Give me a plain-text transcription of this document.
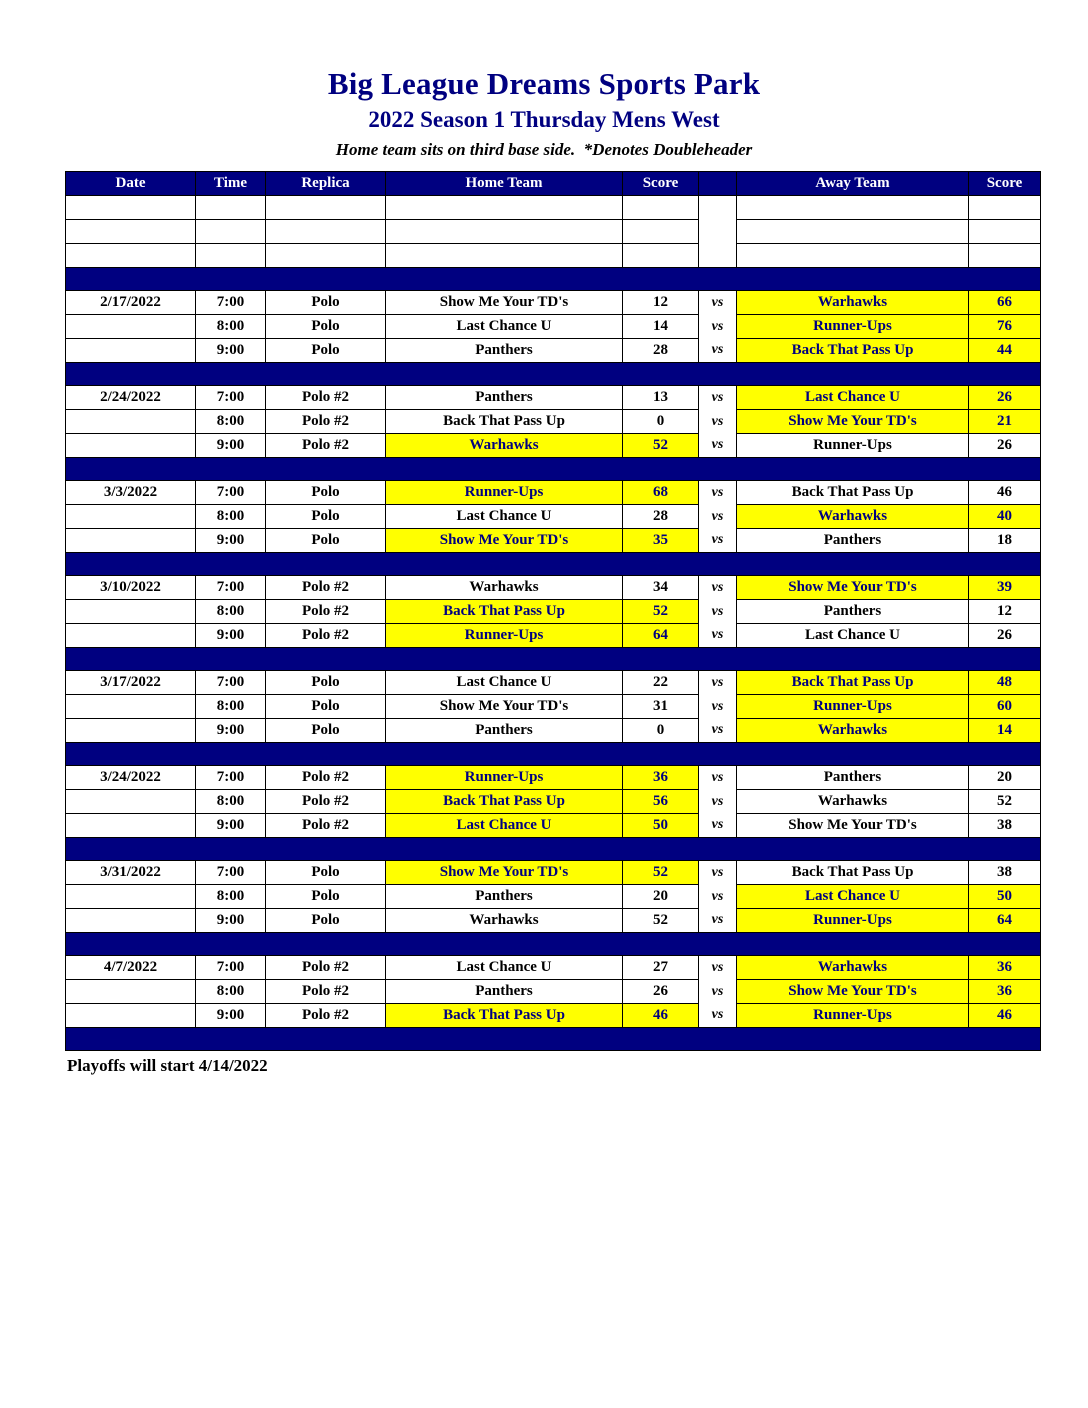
Big League Dreams Sports Park
2022 Season 1 Thursday Mens West
Home team sits on third base side.  *Denotes Doubleheader
Date	Time	Replica	Home Team	Score		Away Team	Score

2/17/2022	7:00	Polo	Show Me Your TD's	12	vs	Warhawks	66
	8:00	Polo	Last Chance U	14	vs	Runner-Ups	76
	9:00	Polo	Panthers	28	vs	Back That Pass Up	44

2/24/2022	7:00	Polo #2	Panthers	13	vs	Last Chance U	26
	8:00	Polo #2	Back That Pass Up	0	vs	Show Me Your TD's	21
	9:00	Polo #2	Warhawks	52	vs	Runner-Ups	26

3/3/2022	7:00	Polo	Runner-Ups	68	vs	Back That Pass Up	46
	8:00	Polo	Last Chance U	28	vs	Warhawks	40
	9:00	Polo	Show Me Your TD's	35	vs	Panthers	18

3/10/2022	7:00	Polo #2	Warhawks	34	vs	Show Me Your TD's	39
	8:00	Polo #2	Back That Pass Up	52	vs	Panthers	12
	9:00	Polo #2	Runner-Ups	64	vs	Last Chance U	26

3/17/2022	7:00	Polo	Last Chance U	22	vs	Back That Pass Up	48
	8:00	Polo	Show Me Your TD's	31	vs	Runner-Ups	60
	9:00	Polo	Panthers	0	vs	Warhawks	14

3/24/2022	7:00	Polo #2	Runner-Ups	36	vs	Panthers	20
	8:00	Polo #2	Back That Pass Up	56	vs	Warhawks	52
	9:00	Polo #2	Last Chance U	50	vs	Show Me Your TD's	38

3/31/2022	7:00	Polo	Show Me Your TD's	52	vs	Back That Pass Up	38
	8:00	Polo	Panthers	20	vs	Last Chance U	50
	9:00	Polo	Warhawks	52	vs	Runner-Ups	64

4/7/2022	7:00	Polo #2	Last Chance U	27	vs	Warhawks	36
	8:00	Polo #2	Panthers	26	vs	Show Me Your TD's	36
	9:00	Polo #2	Back That Pass Up	46	vs	Runner-Ups	46

Playoffs will start 4/14/2022
